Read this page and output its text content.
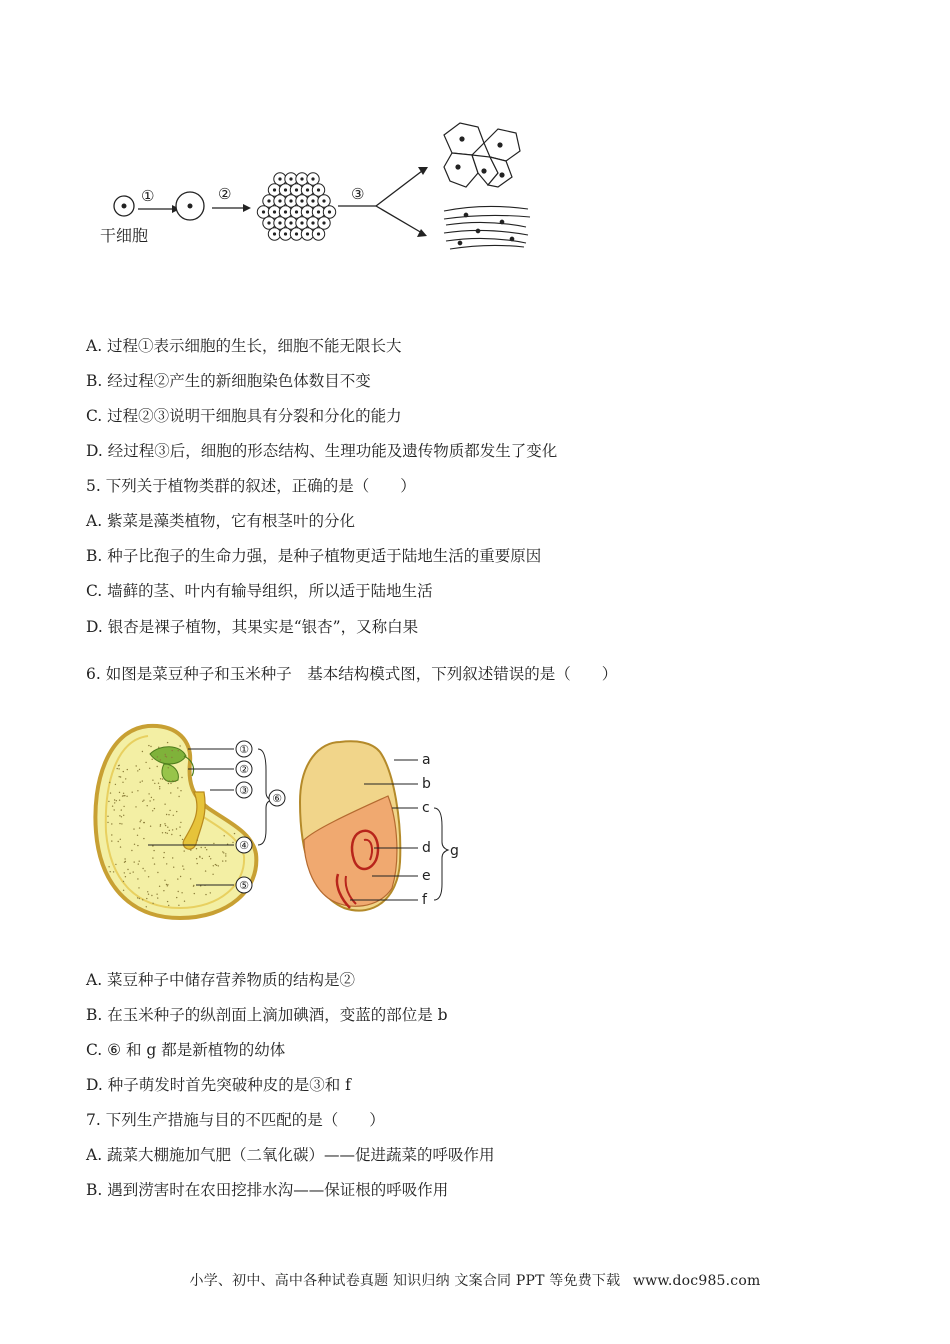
①	②	③
干细胞
A. 过程①表示细胞的生长，细胞不能无限长大
B. 经过程②产生的新细胞染色体数目不变
C. 过程②③说明干细胞具有分裂和分化的能力
D. 经过程③后，细胞的形态结构、生理功能及遗传物质都发生了变化
5. 下列关于植物类群的叙述，正确的是（　　）
A. 紫菜是藻类植物，它有根茎叶的分化
B. 种子比孢子的生命力强，是种子植物更适于陆地生活的重要原因
C. 墙藓的茎、叶内有输导组织，所以适于陆地生活
D. 银杏是裸子植物，其果实是“银杏”，又称白果
6. 如图是菜豆种子和玉米种子　基本结构模式图，下列叙述错误的是（　　）
①
②
③
④
⑤
⑥
a
b
c
d
e
f
g
A. 菜豆种子中储存营养物质的结构是②
B. 在玉米种子的纵剖面上滴加碘酒，变蓝的部位是 b
C. ⑥ 和 g 都是新植物的幼体
D. 种子萌发时首先突破种皮的是③和 f
7. 下列生产措施与目的不匹配的是（　　）
A. 蔬菜大棚施加气肥（二氧化碳）——促进蔬菜的呼吸作用
B. 遇到涝害时在农田挖排水沟——保证根的呼吸作用
小学、初中、高中各种试卷真题 知识归纳 文案合同 PPT 等免费下载 www.doc985.com
